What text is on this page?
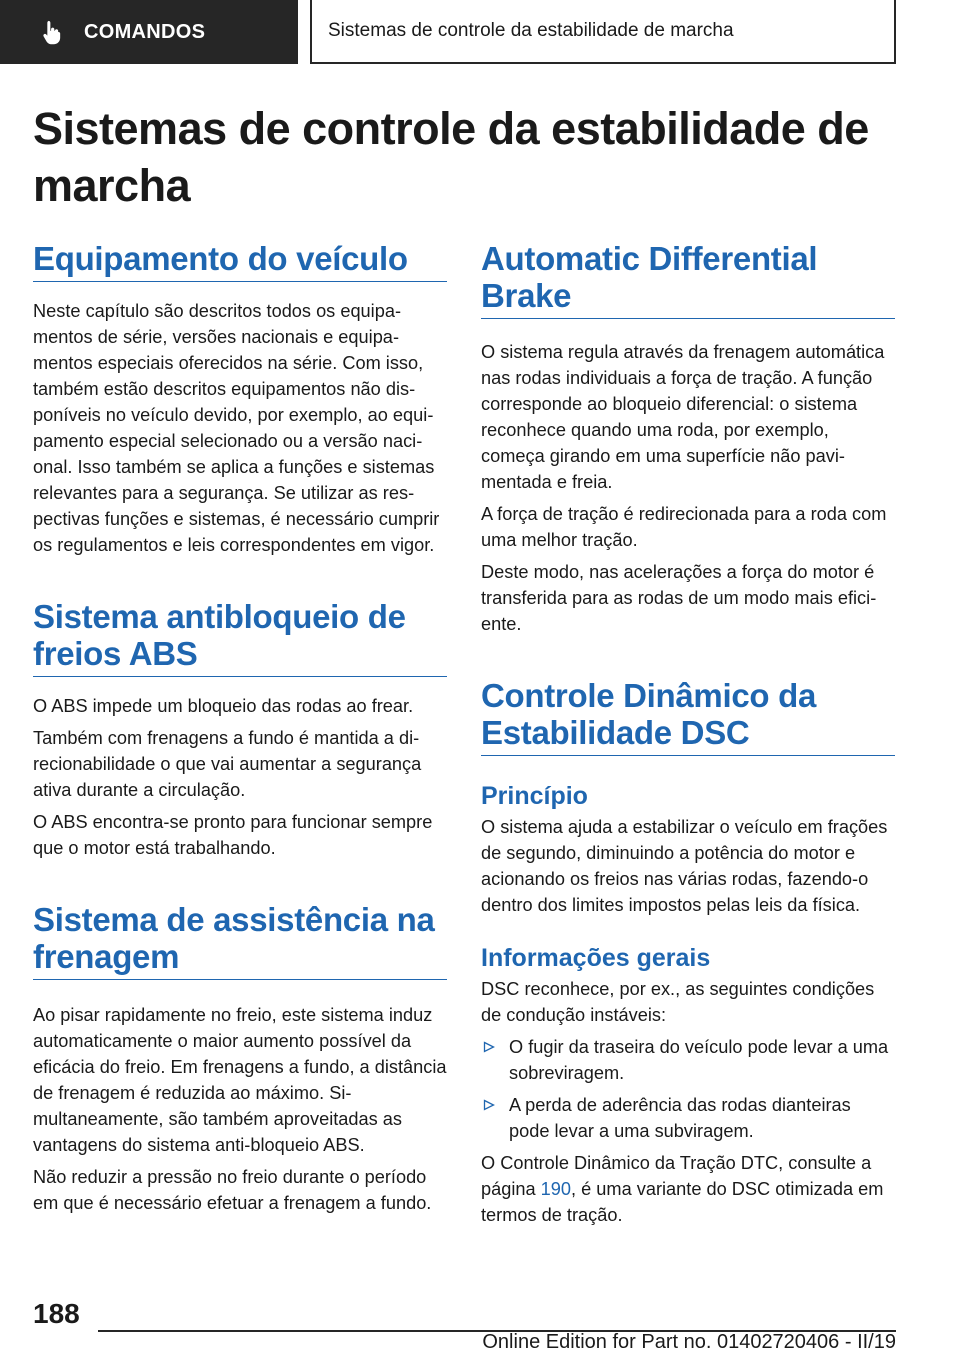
COMANDOS	Sistemas de controle da estabilidade de marcha
Sistemas de controle da estabilidade de marcha
Equipamento do veículo

Neste capítulo são descritos todos os equipamentos de série, versões nacionais e equipamentos especiais oferecidos na série. Com isso, também estão descritos equipamentos não disponíveis no veículo devido, por exemplo, ao equipamento especial selecionado ou a versão nacional. Isso também se aplica a funções e sistemas relevantes para a segurança. Se utilizar as respectivas funções e sistemas, é necessário cumprir os regulamentos e leis correspondentes em vigor.

Sistema antibloqueio de freios ABS

O ABS impede um bloqueio das rodas ao frear.

Também com frenagens a fundo é mantida a direcionabilidade o que vai aumentar a segurança ativa durante a circulação.

O ABS encontra-se pronto para funcionar sempre que o motor está trabalhando.

Sistema de assistência na frenagem

Ao pisar rapidamente no freio, este sistema induz automaticamente o maior aumento possível da eficácia do freio. Em frenagens a fundo, a distância de frenagem é reduzida ao máximo. Simultaneamente, são também aproveitadas as vantagens do sistema anti-bloqueio ABS.

Não reduzir a pressão no freio durante o período em que é necessário efetuar a frenagem a fundo.

Automatic Differential Brake

O sistema regula através da frenagem automática nas rodas individuais a força de tração. A função corresponde ao bloqueio diferencial: o sistema reconhece quando uma roda, por exemplo, começa girando em uma superfície não pavimentada e freia.

A força de tração é redirecionada para a roda com uma melhor tração.

Deste modo, nas acelerações a força do motor é transferida para as rodas de um modo mais eficiente.

Controle Dinâmico da Estabilidade DSC
Princípio

O sistema ajuda a estabilizar o veículo em frações de segundo, diminuindo a potência do motor e acionando os freios nas várias rodas, fazendo-o dentro dos limites impostos pelas leis da física.

Informações gerais

DSC reconhece, por ex., as seguintes condições de condução instáveis:

O fugir da traseira do veículo pode levar a uma sobreviragem.
A perda de aderência das rodas dianteiras pode levar a uma subviragem.

O Controle Dinâmico da Tração DTC, consulte a página 190, é uma variante do DSC otimizada em termos de tração.

188
Online Edition for Part no. 01402720406 - II/19
